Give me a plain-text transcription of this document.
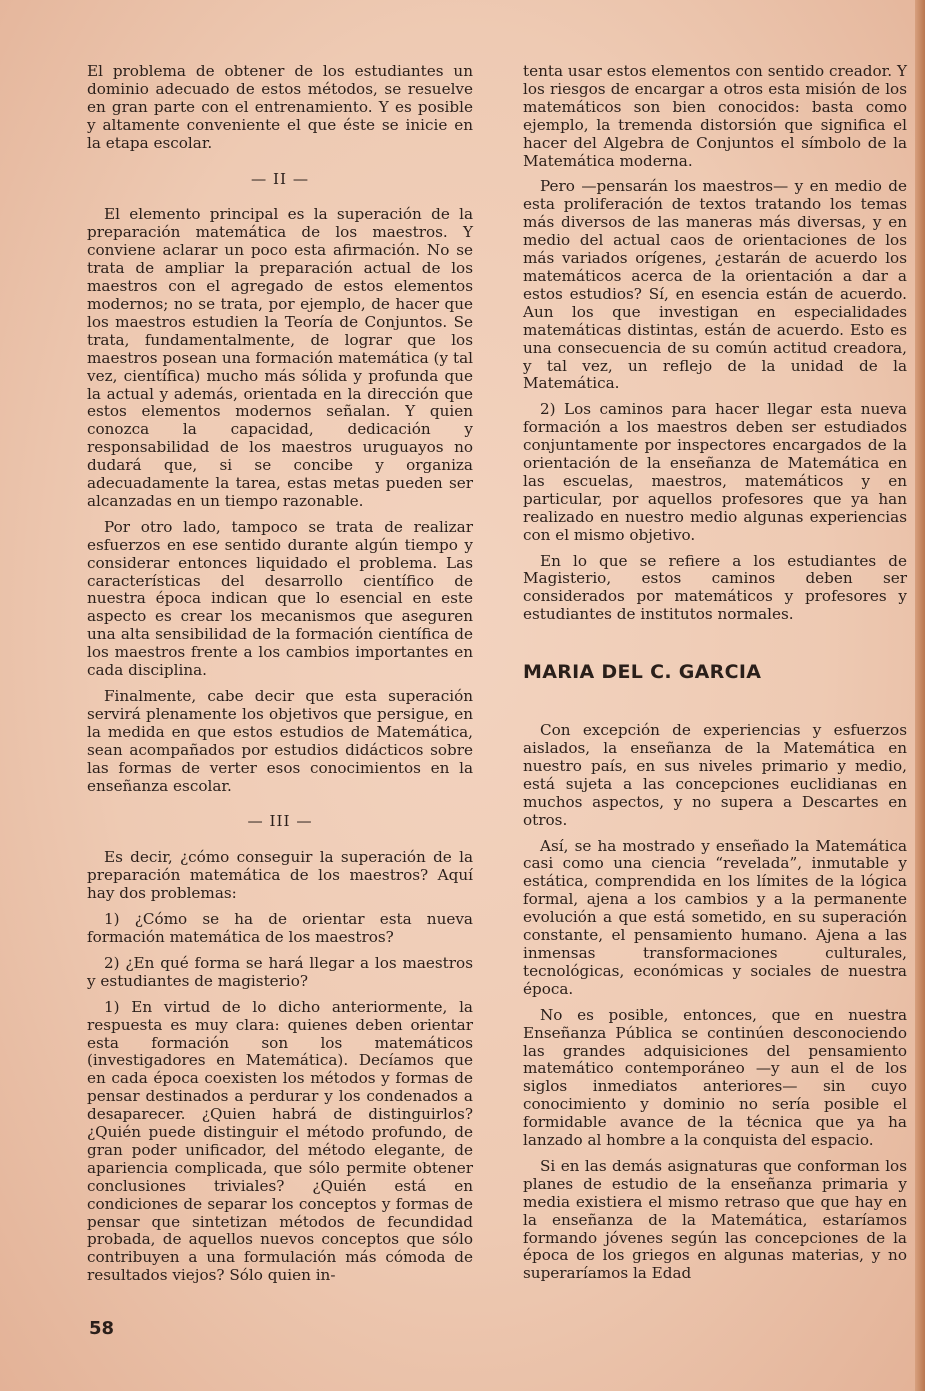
El problema de obtener de los estudiantes un dominio adecuado de estos métodos, se resuelve en gran parte con el entrenamiento. Y es posible y altamente conveniente el que éste se inicie en la etapa escolar.

— II —

El elemento principal es la superación de la preparación matemática de los maestros. Y conviene aclarar un poco esta afirmación. No se trata de ampliar la preparación actual de los maestros con el agregado de estos elementos modernos; no se trata, por ejemplo, de hacer que los maestros estudien la Teoría de Conjuntos. Se trata, fundamentalmente, de lograr que los maestros posean una formación matemática (y tal vez, científica) mucho más sólida y profunda que la actual y además, orientada en la dirección que estos elementos modernos señalan. Y quien conozca la capacidad, dedicación y responsabilidad de los maestros uruguayos no dudará que, si se concibe y organiza adecuadamente la tarea, estas metas pueden ser alcanzadas en un tiempo razonable.

Por otro lado, tampoco se trata de realizar esfuerzos en ese sentido durante algún tiempo y considerar entonces liquidado el problema. Las características del desarrollo científico de nuestra época indican que lo esencial en este aspecto es crear los mecanismos que aseguren una alta sensibilidad de la formación científica de los maestros frente a los cambios importantes en cada disciplina.

Finalmente, cabe decir que esta superación servirá plenamente los objetivos que persigue, en la medida en que estos estudios de Matemática, sean acompañados por estudios didácticos sobre las formas de verter esos conocimientos en la enseñanza escolar.

— III —

Es decir, ¿cómo conseguir la superación de la preparación matemática de los maestros? Aquí hay dos problemas:

1) ¿Cómo se ha de orientar esta nueva formación matemática de los maestros?

2) ¿En qué forma se hará llegar a los maestros y estudiantes de magisterio?

1) En virtud de lo dicho anteriormente, la respuesta es muy clara: quienes deben orientar esta formación son los matemáticos (investigadores en Matemática). Decíamos que en cada época coexisten los métodos y formas de pensar destinados a perdurar y los condenados a desaparecer. ¿Quien habrá de distinguirlos? ¿Quién puede distinguir el método profundo, de gran poder unificador, del método elegante, de apariencia complicada, que sólo permite obtener conclusiones triviales? ¿Quién está en condiciones de separar los conceptos y formas de pensar que sintetizan métodos de fecundidad probada, de aquellos nuevos conceptos que sólo contribuyen a una formulación más cómoda de resultados viejos? Sólo quien in-

tenta usar estos elementos con sentido creador. Y los riesgos de encargar a otros esta misión de los matemáticos son bien conocidos: basta como ejemplo, la tremenda distorsión que significa el hacer del Algebra de Conjuntos el símbolo de la Matemática moderna.

Pero —pensarán los maestros— y en medio de esta proliferación de textos tratando los temas más diversos de las maneras más diversas, y en medio del actual caos de orientaciones de los más variados orígenes, ¿estarán de acuerdo los matemáticos acerca de la orientación a dar a estos estudios? Sí, en esencia están de acuerdo. Aun los que investigan en especialidades matemáticas distintas, están de acuerdo. Esto es una consecuencia de su común actitud creadora, y tal vez, un reflejo de la unidad de la Matemática.

2) Los caminos para hacer llegar esta nueva formación a los maestros deben ser estudiados conjuntamente por inspectores encargados de la orientación de la enseñanza de Matemática en las escuelas, maestros, matemáticos y en particular, por aquellos profesores que ya han realizado en nuestro medio algunas experiencias con el mismo objetivo.

En lo que se refiere a los estudiantes de Magisterio, estos caminos deben ser considerados por matemáticos y profesores y estudiantes de institutos normales.

MARIA DEL C. GARCIA

Con excepción de experiencias y esfuerzos aislados, la enseñanza de la Matemática en nuestro país, en sus niveles primario y medio, está sujeta a las concepciones euclidianas en muchos aspectos, y no supera a Descartes en otros.

Así, se ha mostrado y enseñado la Matemática casi como una ciencia “revelada”, inmutable y estática, comprendida en los límites de la lógica formal, ajena a los cambios y a la permanente evolución a que está sometido, en su superación constante, el pensamiento humano. Ajena a las inmensas transformaciones culturales, tecnológicas, económicas y sociales de nuestra época.

No es posible, entonces, que en nuestra Enseñanza Pública se continúen desconociendo las grandes adquisiciones del pensamiento matemático contemporáneo —y aun el de los siglos inmediatos anteriores— sin cuyo conocimiento y dominio no sería posible el formidable avance de la técnica que ya ha lanzado al hombre a la conquista del espacio.

Si en las demás asignaturas que conforman los planes de estudio de la enseñanza primaria y media existiera el mismo retraso que que hay en la enseñanza de la Matemática, estaríamos formando jóvenes según las concepciones de la época de los griegos en algunas materias, y no superaríamos la Edad

58
